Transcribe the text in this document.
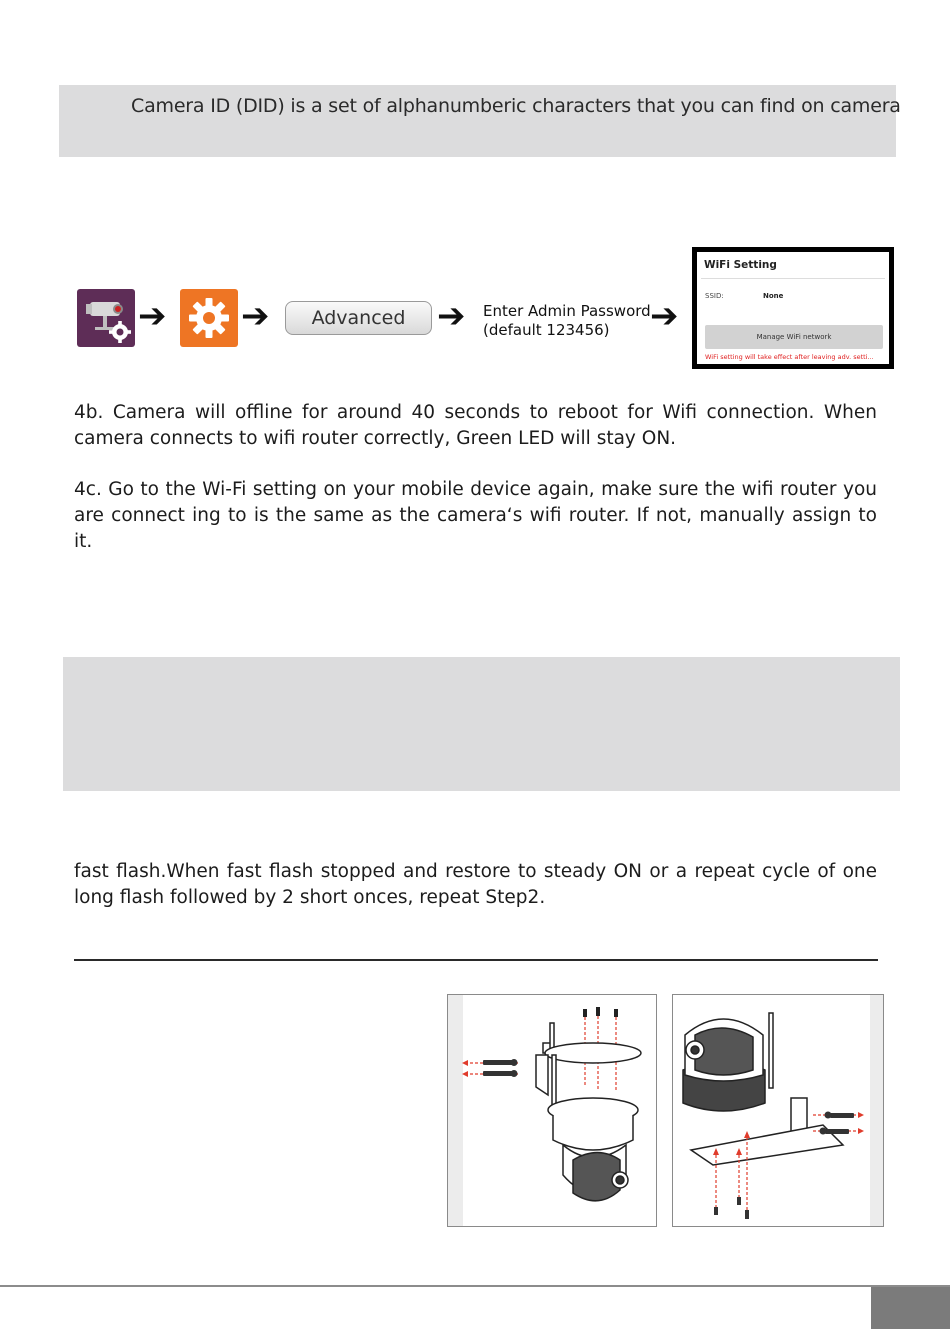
Camera ID (DID) is a set of alphanumberic characters that you can find on camera
➔ ➔	Advanced ➔ Enter Admin Password
(default 123456)	➔
WiFi Setting
SSID:	None
Manage WiFi network
WiFi setting will take effect after leaving adv. setti...
4b. Camera will offline for around 40 seconds to reboot for Wifi connection. When camera connects to wifi router correctly, Green LED will stay ON.
4c. Go to the Wi-Fi setting on your mobile device again, make sure the wifi router you are connect ing to is the same as the camera‘s wifi router. If not, manually assign to it.
fast flash.When fast flash stopped and restore to steady ON or a repeat cycle of one long flash followed by 2 short onces, repeat Step2.
